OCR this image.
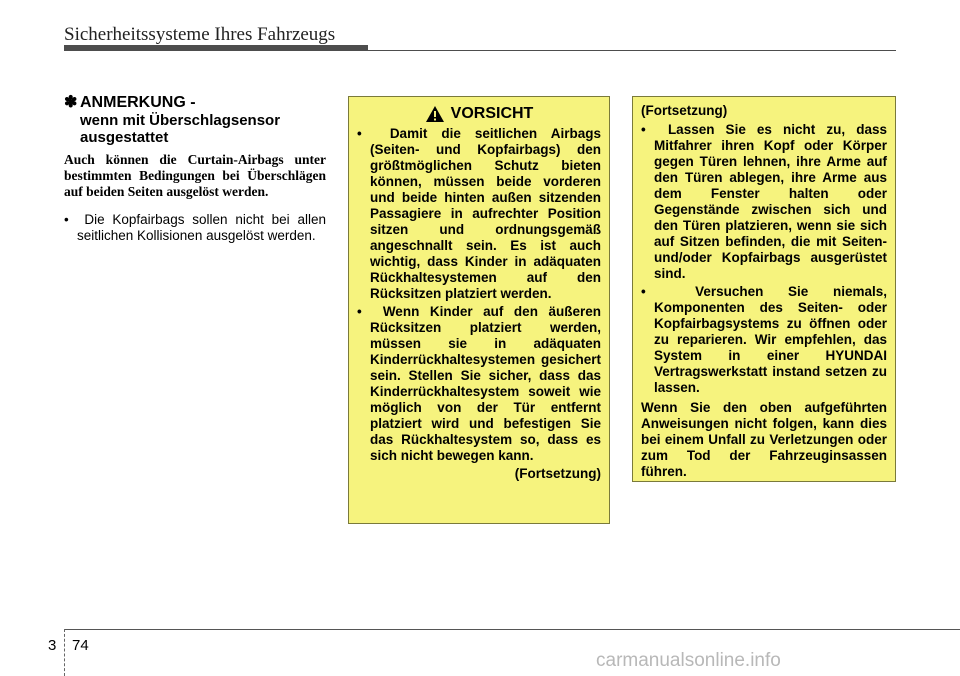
Sicherheitssysteme Ihres Fahrzeugs
✽ ANMERKUNG -
wenn mit Überschlagsensor
ausgestattet

Auch können die Curtain-Airbags unter bestimmten Bedingungen bei Überschlägen auf beiden Seiten ausgelöst werden.

•  Die Kopfairbags sollen nicht bei allen seitlichen Kollisionen ausgelöst werden.

VORSICHT

•  Damit die seitlichen Airbags (Seiten- und Kopfairbags) den größtmöglichen Schutz bieten können, müssen beide vorderen und beide hinten außen sitzenden Passagiere in aufrechter Position sitzen und ordnungsgemäß angeschnallt sein. Es ist auch wichtig, dass Kinder in adäquaten Rückhaltesystemen auf den Rücksitzen platziert werden.

•  Wenn Kinder auf den äußeren Rücksitzen platziert werden, müssen sie in adäquaten Kinderrückhaltesystemen gesichert sein. Stellen Sie sicher, dass das Kinderrückhaltesystem soweit wie möglich von der Tür entfernt platziert wird und befestigen Sie das Rückhaltesystem so, dass es sich nicht bewegen kann.

(Fortsetzung)
(Fortsetzung)

•  Lassen Sie es nicht zu, dass Mitfahrer ihren Kopf oder Körper gegen Türen lehnen, ihre Arme auf den Türen ablegen, ihre Arme aus dem Fenster halten oder Gegenstände zwischen sich und den Türen platzieren, wenn sie sich auf Sitzen befinden, die mit Seiten- und/oder Kopfairbags ausgerüstet sind.

•  Versuchen Sie niemals, Komponenten des Seiten- oder Kopfairbagsystems zu öffnen oder zu reparieren. Wir empfehlen, das System in einer HYUNDAI Vertragswerkstatt instand setzen zu lassen.

Wenn Sie den oben aufgeführten Anweisungen nicht folgen, kann dies bei einem Unfall zu Verletzungen oder zum Tod der Fahrzeuginsassen führen.

3 74
carmanualsonline.info
